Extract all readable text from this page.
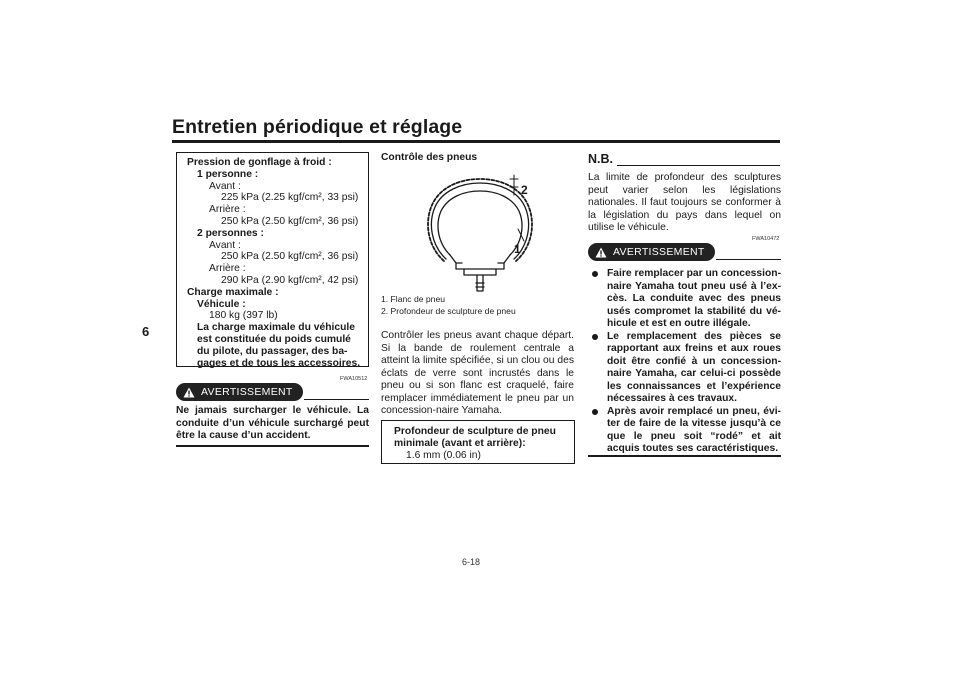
Entretien périodique et réglage
6
Pression de gonflage à froid :
1 personne :
Avant :
225 kPa (2.25 kgf/cm², 33 psi)
Arrière :
250 kPa (2.50 kgf/cm², 36 psi)
2 personnes :
Avant :
250 kPa (2.50 kgf/cm², 36 psi)
Arrière :
290 kPa (2.90 kgf/cm², 42 psi)
Charge maximale :
Véhicule :
180 kg (397 lb)
La charge maximale du véhicule
est constituée du poids cumulé
du pilote, du passager, des ba-
gages et de tous les accessoires.
FWA10512
AVERTISSEMENT
Ne jamais surcharger le véhicule. La conduite d’un véhicule surchargé peut être la cause d’un accident.
Contrôle des pneus
2
1
1. Flanc de pneu
2. Profondeur de sculpture de pneu
Contrôler les pneus avant chaque départ. Si la bande de roulement centrale a atteint la limite spécifiée, si un clou ou des éclats de verre sont incrustés dans le pneu ou si son flanc est craquelé, faire remplacer immédiatement le pneu par un concession-naire Yamaha.
Profondeur de sculpture de pneu
minimale (avant et arrière):
1.6 mm (0.06 in)
N.B.
La limite de profondeur des sculptures peut varier selon les législations nationales. Il faut toujours se conformer à la législation du pays dans lequel on utilise le véhicule.
FWA10472
AVERTISSEMENT
Faire remplacer par un concession-naire Yamaha tout pneu usé à l’ex-cès. La conduite avec des pneus usés compromet la stabilité du vé-hicule et est en outre illégale.
Le remplacement des pièces se rapportant aux freins et aux roues doit être confié à un concession-naire Yamaha, car celui-ci possède les connaissances et l’expérience nécessaires à ces travaux.
Après avoir remplacé un pneu, évi-ter de faire de la vitesse jusqu’à ce que le pneu soit “rodé” et ait acquis toutes ses caractéristiques.
6-18
